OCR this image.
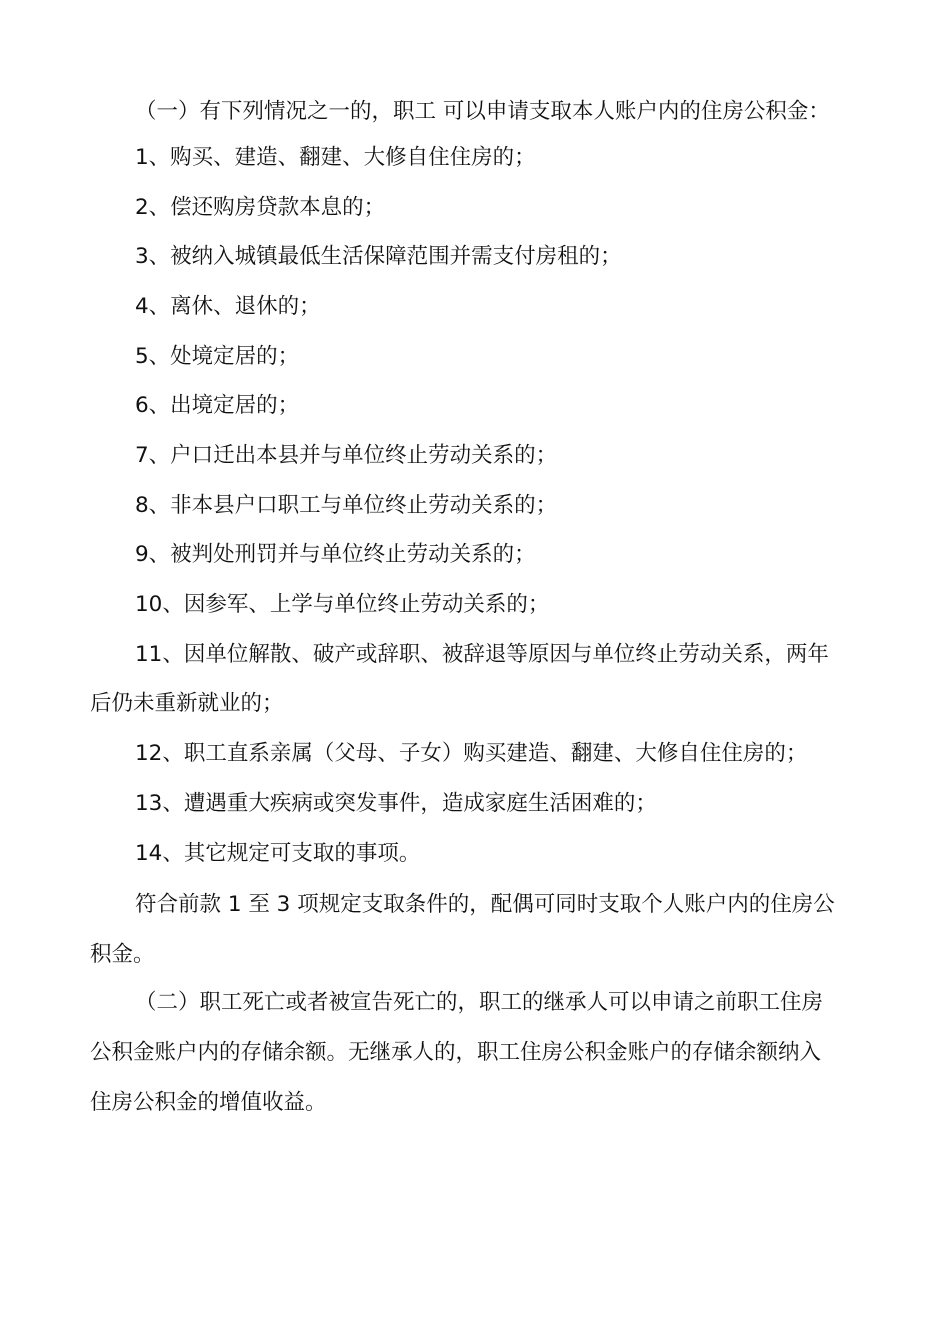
（一）有下列情况之一的，职工 可以申请支取本人账户内的住房公积金：

1、购买、建造、翻建、大修自住住房的；

2、偿还购房贷款本息的；

3、被纳入城镇最低生活保障范围并需支付房租的；

4、离休、退休的；

5、处境定居的；

6、出境定居的；

7、户口迁出本县并与单位终止劳动关系的；

8、非本县户口职工与单位终止劳动关系的；

9、被判处刑罚并与单位终止劳动关系的；

10、因参军、上学与单位终止劳动关系的；

11、因单位解散、破产或辞职、被辞退等原因与单位终止劳动关系，两年

后仍未重新就业的；

12、职工直系亲属（父母、子女）购买建造、翻建、大修自住住房的；

13、遭遇重大疾病或突发事件，造成家庭生活困难的；

14、其它规定可支取的事项。

符合前款 1 至 3 项规定支取条件的，配偶可同时支取个人账户内的住房公

积金。

（二）职工死亡或者被宣告死亡的，职工的继承人可以申请之前职工住房

公积金账户内的存储余额。无继承人的，职工住房公积金账户的存储余额纳入

住房公积金的增值收益。
